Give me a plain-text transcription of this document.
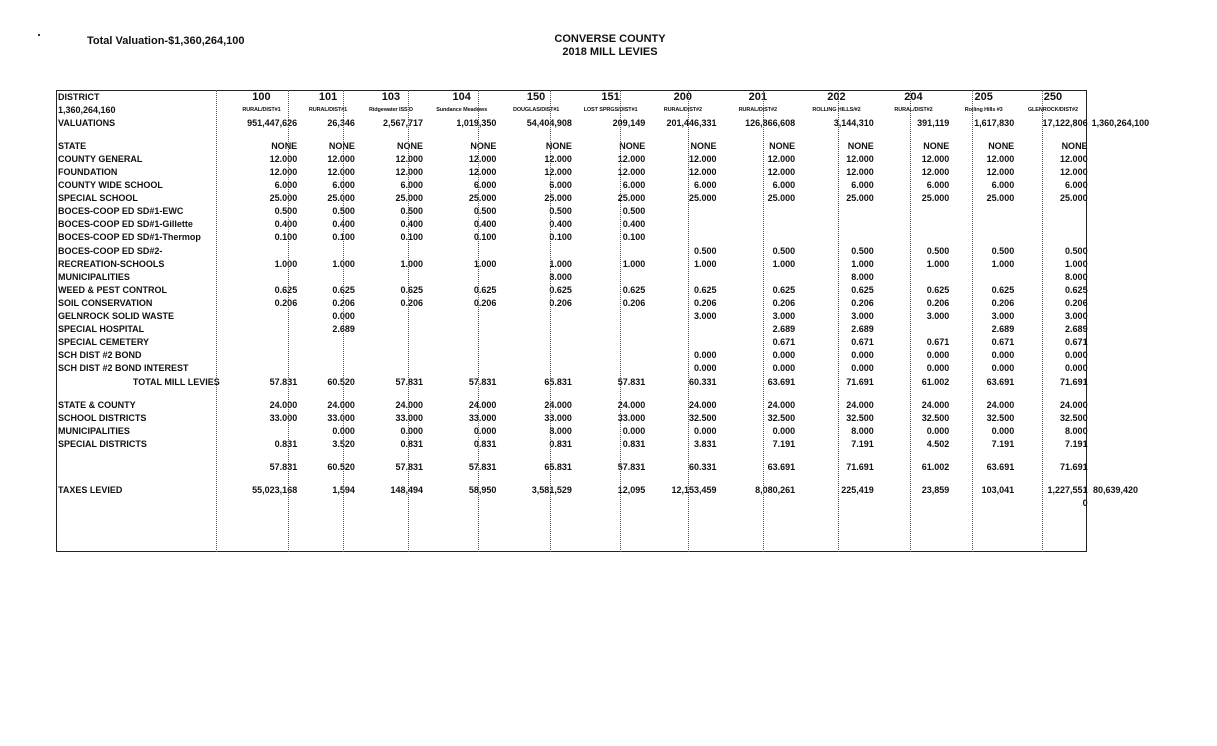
Total Valuation-$1,360,264,100	CONVERSE COUNTY
2018 MILL LEVIES
DISTRICT	100	101	103	104	150	151	200	201	202	204	205	250	
1,360,264,160	RURAL/DIST#1	RURAL/DIST#1	Ridgewater ISS D	Sundance Meadows	DOUGLAS/DIST#1	LOST SPRGS/DIST#1	RURAL/DIST#2	RURAL/DIST#2	ROLLING HILLS/#2	RURAL/DIST#2	Rolling Hills #3	GLENROCK/DIST#2	
VALUATIONS	951,447,626	26,346	2,567,717	1,019,350	54,404,908	209,149	201,446,331	126,866,608	3,144,310	391,119	1,617,830	17,122,806	1,360,264,100

STATE	NONE	NONE	NONE	NONE	NONE	NONE	NONE	NONE	NONE	NONE	NONE	NONE	
COUNTY GENERAL	12.000	12.000	12.000	12.000	12.000	12.000	12.000	12.000	12.000	12.000	12.000	12.000	
FOUNDATION	12.000	12.000	12.000	12.000	12.000	12.000	12.000	12.000	12.000	12.000	12.000	12.000	
COUNTY WIDE SCHOOL	6.000	6.000	6.000	6.000	6.000	6.000	6.000	6.000	6.000	6.000	6.000	6.000	
SPECIAL SCHOOL	25.000	25.000	25.000	25.000	25.000	25.000	25.000	25.000	25.000	25.000	25.000	25.000	
BOCES-COOP ED SD#1-EWC	0.500	0.500	0.500	0.500	0.500	0.500							
BOCES-COOP ED SD#1-Gillette	0.400	0.400	0.400	0.400	0.400	0.400							
BOCES-COOP ED SD#1-Thermop	0.100	0.100	0.100	0.100	0.100	0.100							
BOCES-COOP ED SD#2-							0.500	0.500	0.500	0.500	0.500	0.500	
RECREATION-SCHOOLS	1.000	1.000	1.000	1.000	1.000	1.000	1.000	1.000	1.000	1.000	1.000	1.000	
MUNICIPALITIES					8.000				8.000			8.000	
WEED & PEST CONTROL	0.625	0.625	0.625	0.625	0.625	0.625	0.625	0.625	0.625	0.625	0.625	0.625	
SOIL CONSERVATION	0.206	0.206	0.206	0.206	0.206	0.206	0.206	0.206	0.206	0.206	0.206	0.206	
GELNROCK SOLID WASTE		0.000					3.000	3.000	3.000	3.000	3.000	3.000	
SPECIAL HOSPITAL		2.689						2.689	2.689		2.689	2.689	
SPECIAL CEMETERY								0.671	0.671	0.671	0.671	0.671	
SCH DIST #2 BOND							0.000	0.000	0.000	0.000	0.000	0.000	
SCH DIST #2 BOND INTEREST							0.000	0.000	0.000	0.000	0.000	0.000	
TOTAL MILL LEVIES	57.831	60.520	57.831	57.831	65.831	57.831	60.331	63.691	71.691	61.002	63.691	71.691	

STATE & COUNTY	24.000	24.000	24.000	24.000	24.000	24.000	24.000	24.000	24.000	24.000	24.000	24.000	
SCHOOL DISTRICTS	33.000	33.000	33.000	33.000	33.000	33.000	32.500	32.500	32.500	32.500	32.500	32.500	
MUNICIPALITIES		0.000	0.000	0.000	8.000	0.000	0.000	0.000	8.000	0.000	0.000	8.000	
SPECIAL DISTRICTS	0.831	3.520	0.831	0.831	0.831	0.831	3.831	7.191	7.191	4.502	7.191	7.191	

	57.831	60.520	57.831	57.831	65.831	57.831	60.331	63.691	71.691	61.002	63.691	71.691	

TAXES LEVIED	55,023,168	1,594	148,494	58,950	3,581,529	12,095	12,153,459	8,080,261	225,419	23,859	103,041	1,227,551	80,639,420
												0	
